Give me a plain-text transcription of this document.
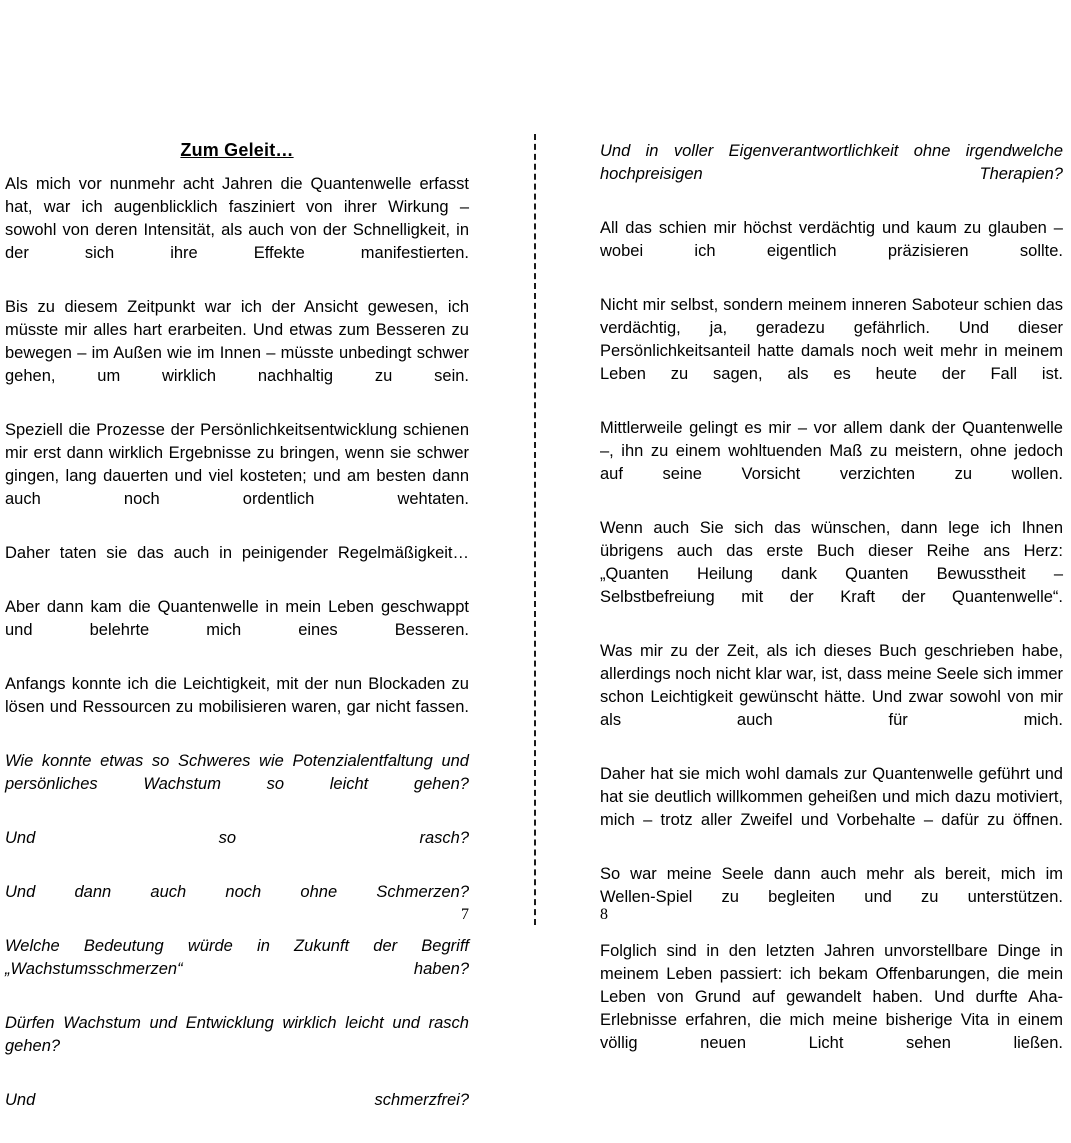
Zum Geleit…

Als mich vor nunmehr acht Jahren die Quantenwelle erfasst hat, war ich augenblicklich fasziniert von ihrer Wirkung – sowohl von deren Intensität, als auch von der Schnelligkeit, in der sich ihre Effekte manifestierten.

Bis zu diesem Zeitpunkt war ich der Ansicht gewesen, ich müsste mir alles hart erarbeiten. Und etwas zum Besseren zu bewegen – im Außen wie im Innen – müsste unbedingt schwer gehen, um wirklich nachhaltig zu sein.

Speziell die Prozesse der Persönlichkeitsentwicklung schienen mir erst dann wirklich Ergebnisse zu bringen, wenn sie schwer gingen, lang dauerten und viel kosteten; und am besten dann auch noch ordentlich wehtaten.

Daher taten sie das auch in peinigender Regelmäßigkeit…

Aber dann kam die Quantenwelle in mein Leben geschwappt und belehrte mich eines Besseren.

Anfangs konnte ich die Leichtigkeit, mit der nun Blockaden zu lösen und Ressourcen zu mobilisieren waren, gar nicht fassen.

Wie konnte etwas so Schweres wie Potenzialentfaltung und persönliches Wachstum so leicht gehen?

Und so rasch?

Und dann auch noch ohne Schmerzen?

Welche Bedeutung würde in Zukunft der Begriff „Wachstumsschmerzen“ haben?

Dürfen Wachstum und Entwicklung wirklich leicht und rasch gehen?

Und schmerzfrei?

Und in voller Eigenverantwortlichkeit ohne irgendwelche hochpreisigen Therapien?

All das schien mir höchst verdächtig und kaum zu glauben – wobei ich eigentlich präzisieren sollte.

Nicht mir selbst, sondern meinem inneren Saboteur schien das verdächtig, ja, geradezu gefährlich. Und dieser Persönlichkeitsanteil hatte damals noch weit mehr in meinem Leben zu sagen, als es heute der Fall ist.

Mittlerweile gelingt es mir – vor allem dank der Quantenwelle –, ihn zu einem wohltuenden Maß zu meistern, ohne jedoch auf seine Vorsicht verzichten zu wollen.

Wenn auch Sie sich das wünschen, dann lege ich Ihnen übrigens auch das erste Buch dieser Reihe ans Herz: „Quanten Heilung dank Quanten Bewusstheit – Selbstbefreiung mit der Kraft der Quantenwelle“.

Was mir zu der Zeit, als ich dieses Buch geschrieben habe, allerdings noch nicht klar war, ist, dass meine Seele sich immer schon Leichtigkeit gewünscht hätte. Und zwar sowohl von mir als auch für mich.

Daher hat sie mich wohl damals zur Quantenwelle geführt und hat sie deutlich willkommen geheißen und mich dazu motiviert, mich – trotz aller Zweifel und Vorbehalte – dafür zu öffnen.

So war meine Seele dann auch mehr als bereit, mich im Wellen-Spiel zu begleiten und zu unterstützen.

Folglich sind in den letzten Jahren unvorstellbare Dinge in meinem Leben passiert: ich bekam Offenbarungen, die mein Leben von Grund auf gewandelt haben. Und durfte Aha-Erlebnisse erfahren, die mich meine bisherige Vita in einem völlig neuen Licht sehen ließen.

7	8
